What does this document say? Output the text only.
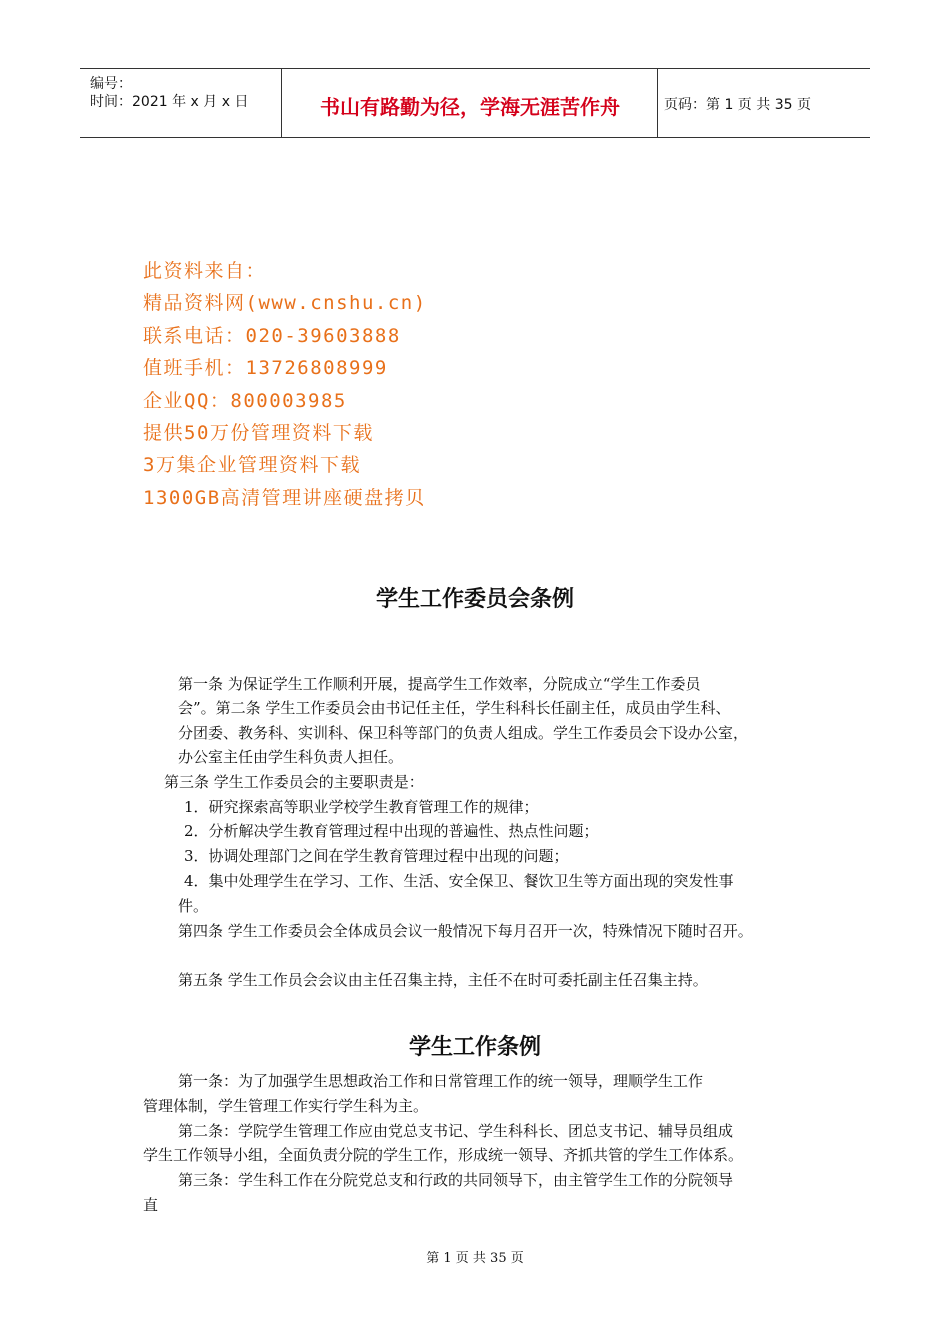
编号：
时间：2021 年 x 月 x 日	书山有路勤为径，学海无涯苦作舟	页码：第 1 页 共 35 页
此资料来自：
精品资料网(www.cnshu.cn)
联系电话：020-39603888
值班手机：13726808999
企业QQ：800003985
提供50万份管理资料下载
3万集企业管理资料下载
1300GB高清管理讲座硬盘拷贝
学生工作委员会条例
第一条 为保证学生工作顺利开展，提高学生工作效率，分院成立“学生工作委员
会”。第二条 学生工作委员会由书记任主任，学生科科长任副主任，成员由学生科、
分团委、教务科、实训科、保卫科等部门的负责人组成。学生工作委员会下设办公室，
办公室主任由学生科负责人担任。
第三条 学生工作委员会的主要职责是：
1．研究探索高等职业学校学生教育管理工作的规律；
2．分析解决学生教育管理过程中出现的普遍性、热点性问题；
3．协调处理部门之间在学生教育管理过程中出现的问题；
4．集中处理学生在学习、工作、生活、安全保卫、餐饮卫生等方面出现的突发性事
件。
第四条 学生工作委员会全体成员会议一般情况下每月召开一次，特殊情况下随时召开。
第五条 学生工作员会会议由主任召集主持，主任不在时可委托副主任召集主持。
学生工作条例
第一条：为了加强学生思想政治工作和日常管理工作的统一领导，理顺学生工作
管理体制，学生管理工作实行学生科为主。
第二条：学院学生管理工作应由党总支书记、学生科科长、团总支书记、辅导员组成
学生工作领导小组，全面负责分院的学生工作，形成统一领导、齐抓共管的学生工作体系。
第三条：学生科工作在分院党总支和行政的共同领导下，由主管学生工作的分院领导
直
第 1 页 共 35 页
